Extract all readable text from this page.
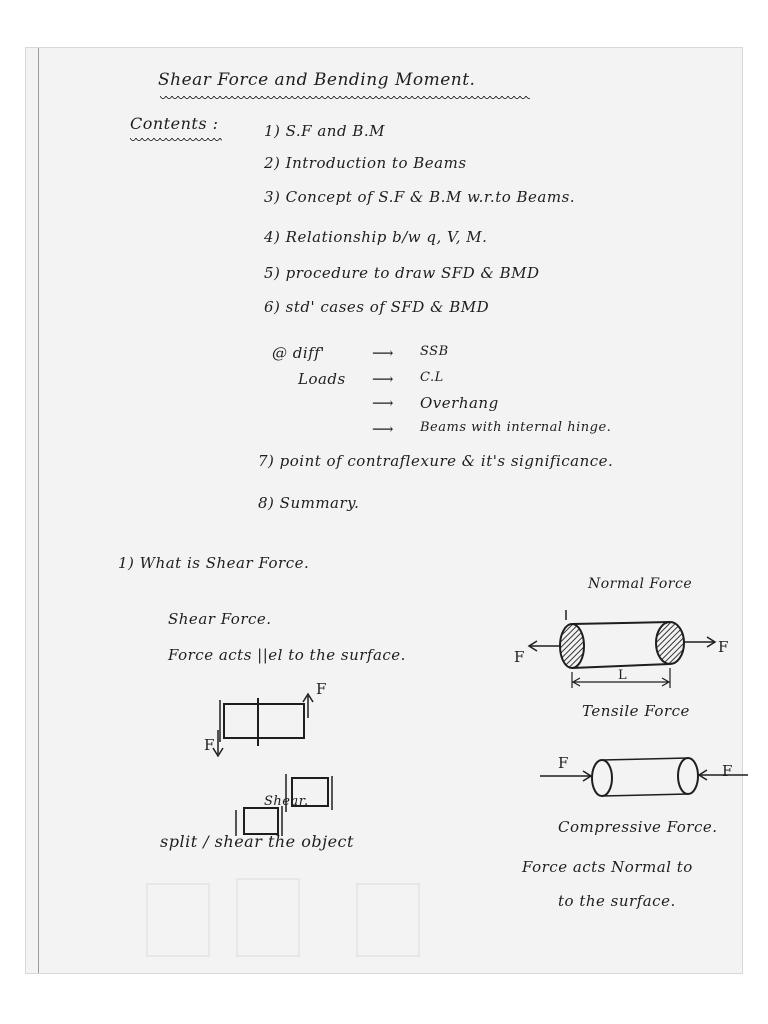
Shear Force and Bending Moment.
Contents :	1) S.F and B.M
2) Introduction to Beams
3) Concept of S.F & B.M w.r.to Beams.
4) Relationship b/w q, V, M.
5) procedure to draw SFD & BMD
6) std' cases of SFD & BMD
@ diff'
Loads
⟶ SSB
⟶ C.L
⟶ Overhang
⟶ Beams with internal hinge.
7) point of contraflexure & it's significance.
8) Summary.
1) What is Shear Force.
Shear Force.
Force acts ||el to the surface.
F
F
Shear.
split / shear the object
Normal Force
F
F
L
Tensile Force
F	F
Compressive Force.
Force acts Normal to
to the surface.
